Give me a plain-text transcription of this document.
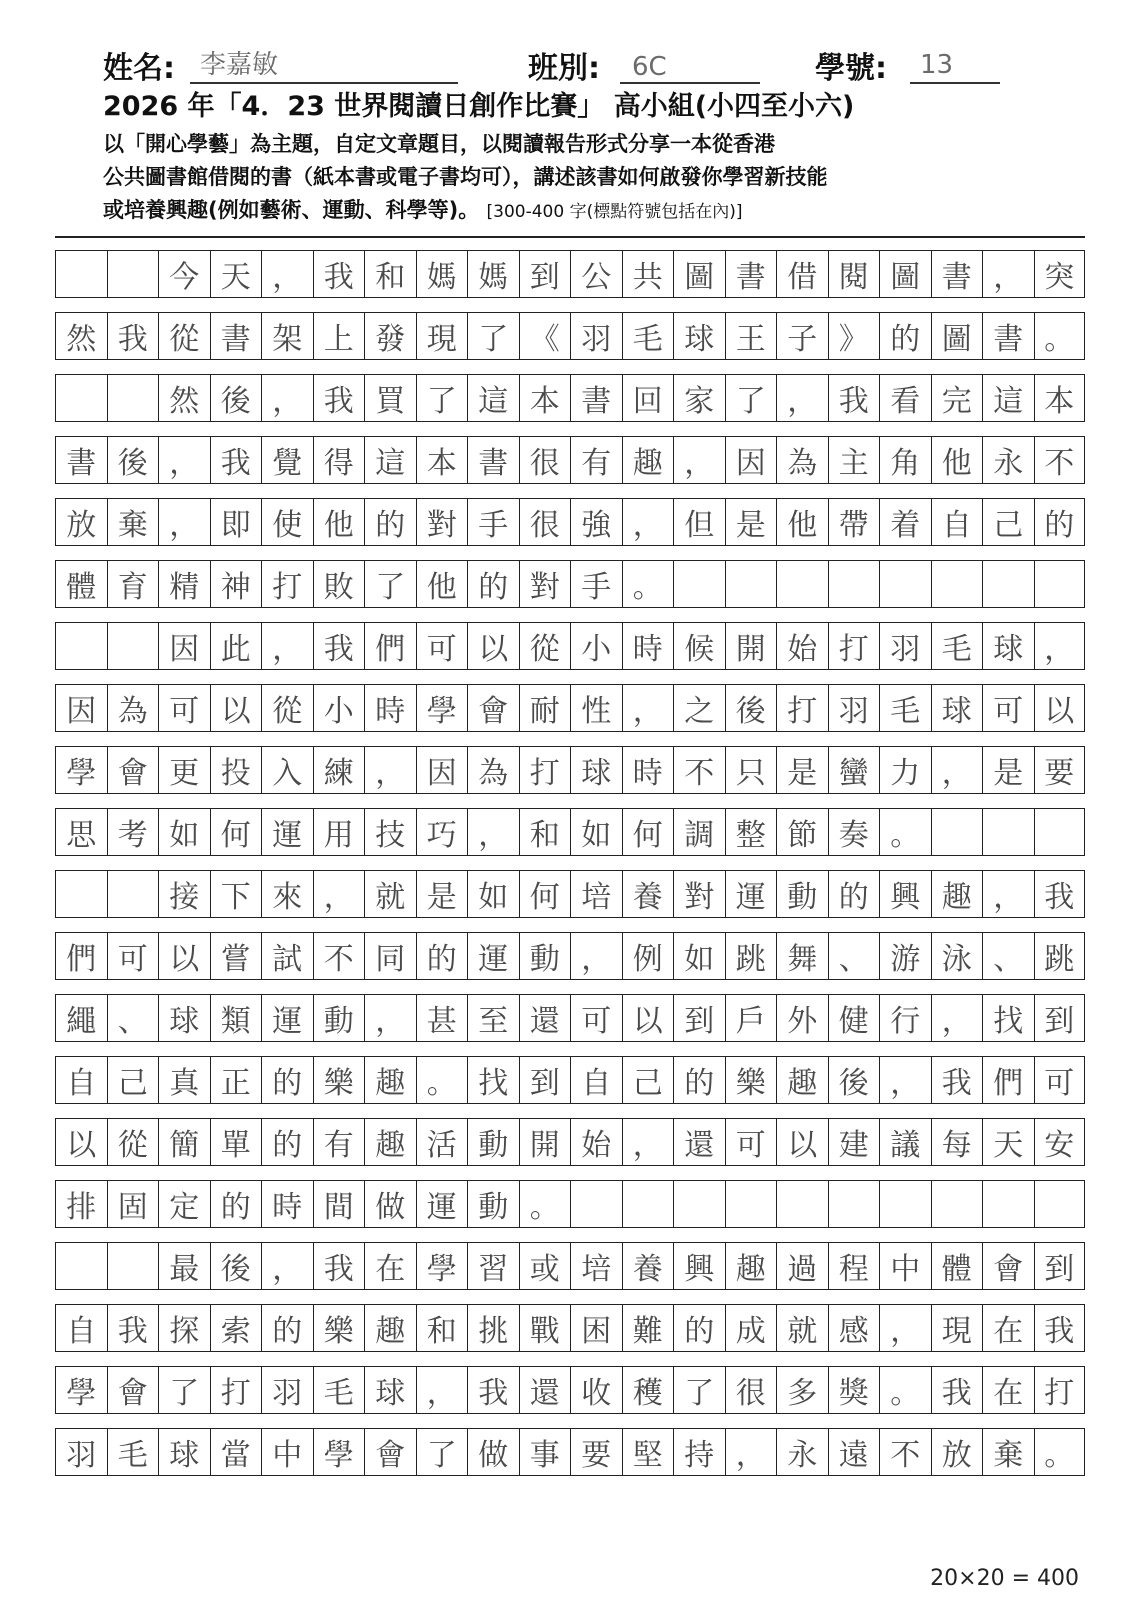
姓名: 李嘉敏	班別: 6C	學號: 13
2026 年「4．23 世界閱讀日創作比賽」 高小組(小四至小六)
以「開心學藝」為主題，自定文章題目，以閱讀報告形式分享一本從香港
公共圖書館借閱的書（紙本書或電子書均可），講述該書如何啟發你學習新技能
或培養興趣(例如藝術、運動、科學等)。 [300-400 字(標點符號包括在內)]
今 天 ， 我 和 媽 媽 到 公 共 圖 書 借 閱 圖 書 ， 突
然 我 從 書 架 上 發 現 了 《 羽 毛 球 王 子 》 的 圖 書 。
然 後 ， 我 買 了 這 本 書 回 家 了 ， 我 看 完 這 本
書 後 ， 我 覺 得 這 本 書 很 有 趣 ， 因 為 主 角 他 永 不
放 棄 ， 即 使 他 的 對 手 很 強 ， 但 是 他 帶 着 自 己 的
體 育 精 神 打 敗 了 他 的 對 手 。
因 此 ， 我 們 可 以 從 小 時 候 開 始 打 羽 毛 球 ，
因 為 可 以 從 小 時 學 會 耐 性 ， 之 後 打 羽 毛 球 可 以
學 會 更 投 入 練 ， 因 為 打 球 時 不 只 是 蠻 力 ， 是 要
思 考 如 何 運 用 技 巧 ， 和 如 何 調 整 節 奏 。
接 下 來 ， 就 是 如 何 培 養 對 運 動 的 興 趣 ， 我
們 可 以 嘗 試 不 同 的 運 動 ， 例 如 跳 舞 、 游 泳 、 跳
繩 、 球 類 運 動 ， 甚 至 還 可 以 到 戶 外 健 行 ， 找 到
自 己 真 正 的 樂 趣 。 找 到 自 己 的 樂 趣 後 ， 我 們 可
以 從 簡 單 的 有 趣 活 動 開 始 ， 還 可 以 建 議 每 天 安
排 固 定 的 時 間 做 運 動 。
最 後 ， 我 在 學 習 或 培 養 興 趣 過 程 中 體 會 到
自 我 探 索 的 樂 趣 和 挑 戰 困 難 的 成 就 感 ， 現 在 我
學 會 了 打 羽 毛 球 ， 我 還 收 穫 了 很 多 獎 。 我 在 打
羽 毛 球 當 中 學 會 了 做 事 要 堅 持 ， 永 遠 不 放 棄 。
20×20 = 400
